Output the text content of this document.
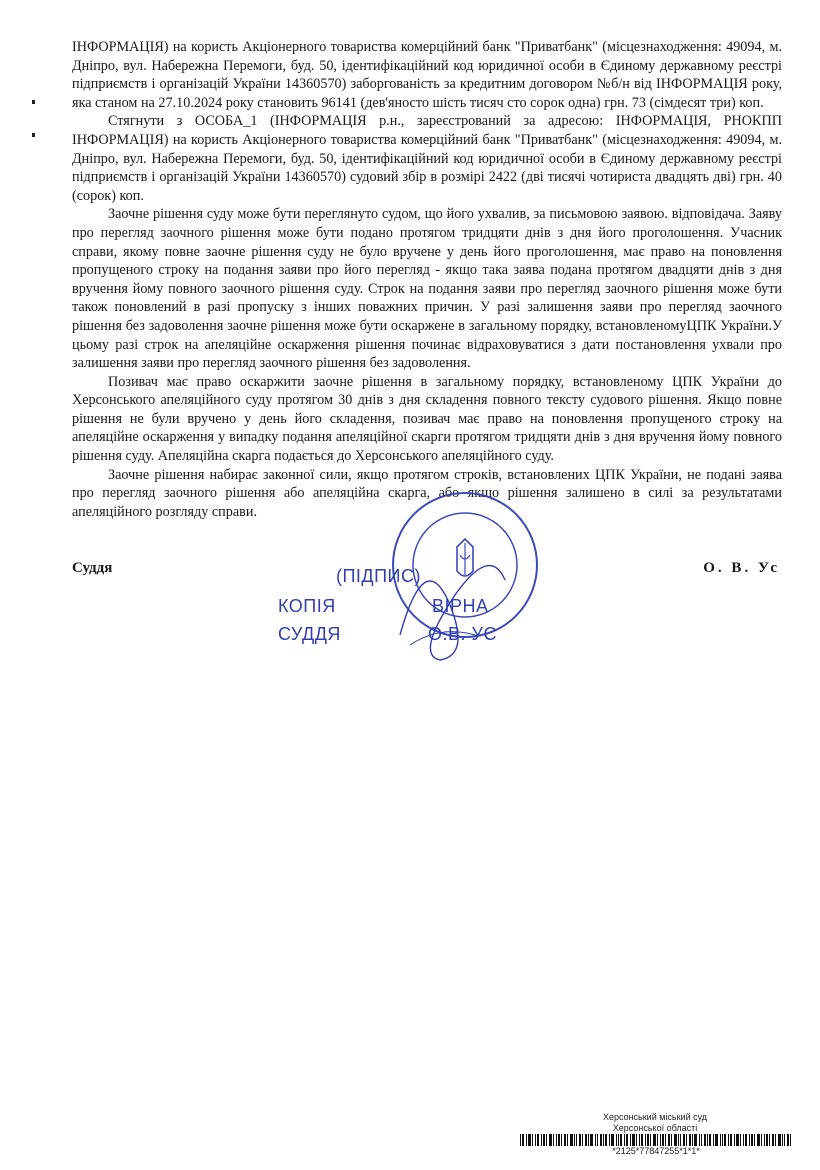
ІНФОРМАЦІЯ) на користь Акціонерного товариства комерційний банк "Приватбанк" (місцезнаходження: 49094, м. Дніпро, вул. Набережна Перемоги, буд. 50, ідентифікаційний код юридичної особи в Єдиному державному реєстрі підприємств і організацій України 14360570) заборгованість за кредитним договором №б/н від ІНФОРМАЦІЯ року, яка станом на 27.10.2024 року становить 96141 (дев'яносто шість тисяч сто сорок одна) грн. 73 (сімдесят три) коп.

Стягнути з ОСОБА_1 (ІНФОРМАЦІЯ р.н., зареєстрований за адресою: ІНФОРМАЦІЯ, РНОКПП ІНФОРМАЦІЯ) на користь Акціонерного товариства комерційний банк "Приватбанк" (місцезнаходження: 49094, м. Дніпро, вул. Набережна Перемоги, буд. 50, ідентифікаційний код юридичної особи в Єдиному державному реєстрі підприємств і організацій України 14360570) судовий збір в розмірі 2422 (дві тисячі чотириста двадцять дві) грн. 40 (сорок) коп.

Заочне рішення суду може бути переглянуто судом, що його ухвалив, за письмовою заявою. відповідача. Заяву про перегляд заочного рішення може бути подано протягом тридцяти днів з дня його проголошення. Учасник справи, якому повне заочне рішення суду не було вручене у день його проголошення, має право на поновлення пропущеного строку на подання заяви про його перегляд - якщо така заява подана протягом двадцяти днів з дня вручення йому повного заочного рішення суду. Строк на подання заяви про перегляд заочного рішення може бути також поновлений в разі пропуску з інших поважних причин. У разі залишення заяви про перегляд заочного рішення без задоволення заочне рішення може бути оскаржене в загальному порядку, встановленомуЦПК України.У цьому разі строк на апеляційне оскарження рішення починає відраховуватися з дати постановлення ухвали про залишення заяви про перегляд заочного рішення без задоволення.

Позивач має право оскаржити заочне рішення в загальному порядку, встановленому ЦПК України до Херсонського апеляційного суду протягом 30 днів з дня складення повного тексту судового рішення. Якщо повне рішення не були вручено у день його складення, позивач має право на поновлення пропущеного строку на апеляційне оскарження у випадку подання апеляційної скарги протягом тридцяти днів з дня вручення йому повного рішення суду. Апеляційна скарга подається до Херсонського апеляційного суду.

Заочне рішення набирає законної сили, якщо протягом строків, встановлених ЦПК України, не подані заява про перегляд заочного рішення або апеляційна скарга, або якщо рішення залишено в силі за результатами апеляційного розгляду справи.

Суддя	О. В. Ус
(ПІДПИС)
КОПІЯ	ВІРНА
СУДДЯ	О.В. УС
Херсонський міський суд
Херсонської області
*2125*77847255*1*1*
